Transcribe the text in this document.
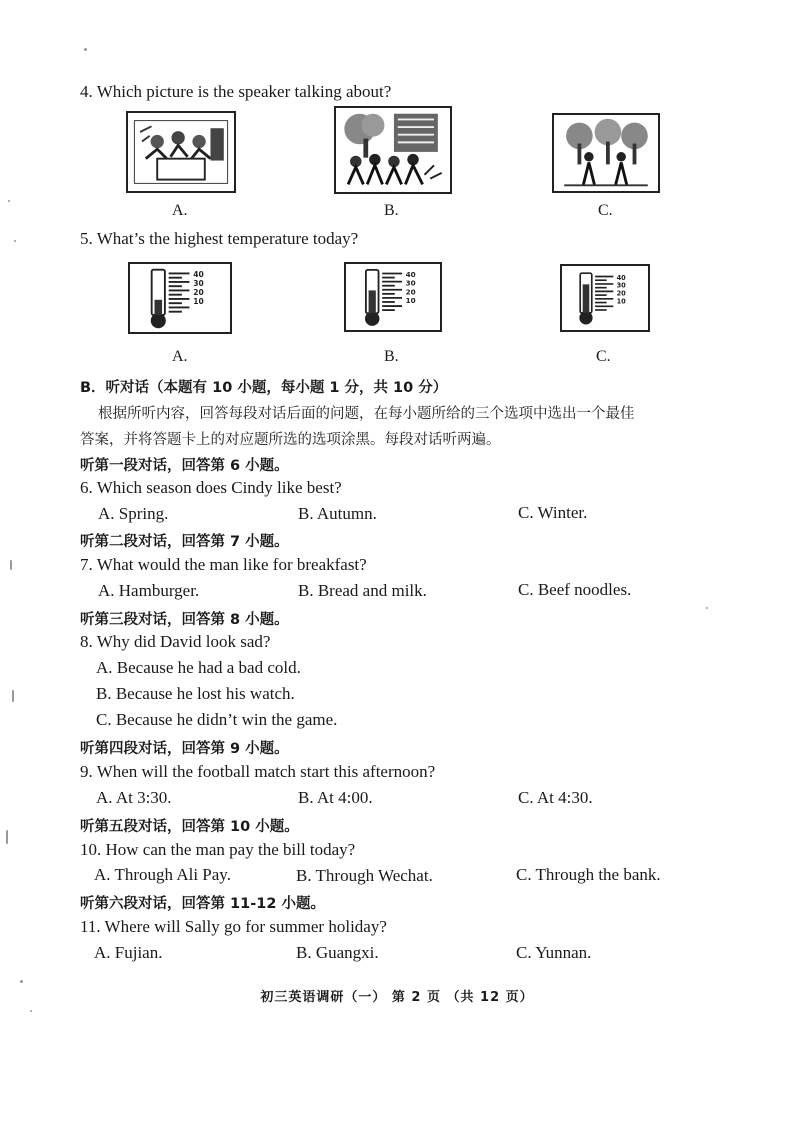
4. Which picture is the speaker talking about?
A.	B.	C.
5. What’s the highest temperature today?
40
30
20
10
40
30
20
10
40
30
20
10
A.	B.	C.
B．听对话（本题有 10 小题，每小题 1 分，共 10 分）
根据所听内容，回答每段对话后面的问题，在每小题所给的三个选项中选出一个最佳
答案，并将答题卡上的对应题所选的选项涂黑。每段对话听两遍。
听第一段对话，回答第 6 小题。
6. Which season does Cindy like best?
A. Spring.	B. Autumn.	C. Winter.
听第二段对话，回答第 7 小题。
7. What would the man like for breakfast?
A. Hamburger.	B. Bread and milk.	C. Beef noodles.
听第三段对话，回答第 8 小题。
8. Why did David look sad?
A. Because he had a bad cold.
B. Because he lost his watch.
C. Because he didn’t win the game.
听第四段对话，回答第 9 小题。
9. When will the football match start this afternoon?
A. At 3:30.	B. At 4:00.	C. At 4:30.
听第五段对话，回答第 10 小题。
10. How can the man pay the bill today?
A. Through Ali Pay.	B. Through Wechat.	C. Through the bank.
听第六段对话，回答第 11-12 小题。
11. Where will Sally go for summer holiday?
A. Fujian.	B. Guangxi.	C. Yunnan.
初三英语调研（一） 第 2 页 （共 12 页）
